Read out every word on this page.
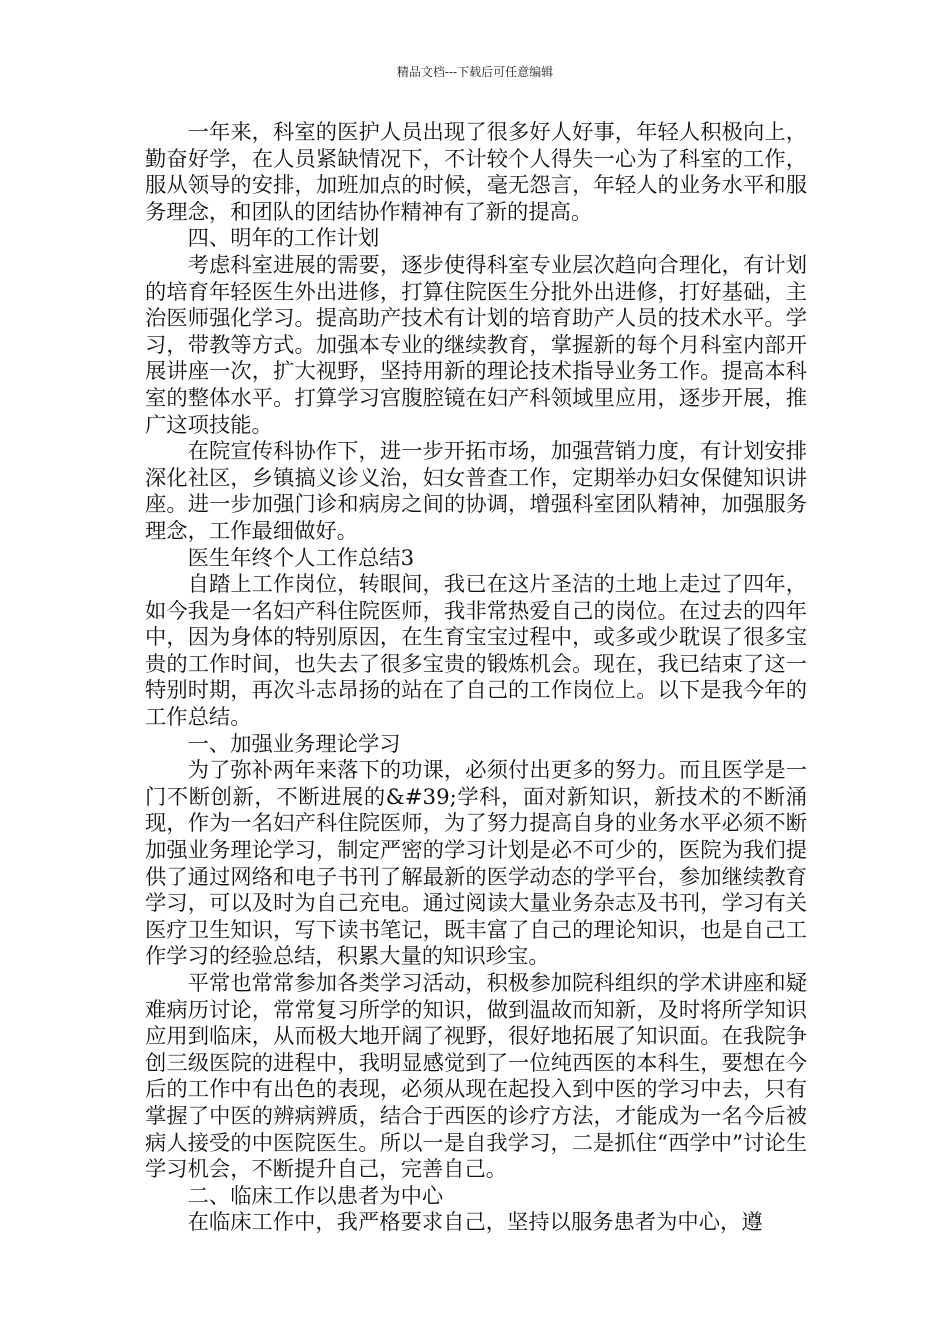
精品文档---下载后可任意编辑

一年来，科室的医护人员出现了很多好人好事，年轻人积极向上，勤奋好学，在人员紧缺情况下，不计较个人得失一心为了科室的工作，服从领导的安排，加班加点的时候，毫无怨言，年轻人的业务水平和服务理念，和团队的团结协作精神有了新的提高。

四、明年的工作计划

考虑科室进展的需要，逐步使得科室专业层次趋向合理化，有计划的培育年轻医生外出进修，打算住院医生分批外出进修，打好基础，主治医师强化学习。提高助产技术有计划的培育助产人员的技术水平。学习，带教等方式。加强本专业的继续教育，掌握新的每个月科室内部开展讲座一次，扩大视野，坚持用新的理论技术指导业务工作。提高本科室的整体水平。打算学习宫腹腔镜在妇产科领域里应用，逐步开展，推广这项技能。

在院宣传科协作下，进一步开拓市场，加强营销力度，有计划安排深化社区，乡镇搞义诊义治，妇女普查工作，定期举办妇女保健知识讲座。进一步加强门诊和病房之间的协调，增强科室团队精神，加强服务理念，工作最细做好。

医生年终个人工作总结3

自踏上工作岗位，转眼间，我已在这片圣洁的土地上走过了四年，如今我是一名妇产科住院医师，我非常热爱自己的岗位。在过去的四年中，因为身体的特别原因，在生育宝宝过程中，或多或少耽误了很多宝贵的工作时间，也失去了很多宝贵的锻炼机会。现在，我已结束了这一特别时期，再次斗志昂扬的站在了自己的工作岗位上。以下是我今年的工作总结。

一、加强业务理论学习

为了弥补两年来落下的功课，必须付出更多的努力。而且医学是一门不断创新，不断进展的&#39;学科，面对新知识，新技术的不断涌现，作为一名妇产科住院医师，为了努力提高自身的业务水平必须不断加强业务理论学习，制定严密的学习计划是必不可少的，医院为我们提供了通过网络和电子书刊了解最新的医学动态的学平台，参加继续教育学习，可以及时为自己充电。通过阅读大量业务杂志及书刊，学习有关医疗卫生知识，写下读书笔记，既丰富了自己的理论知识，也是自己工作学习的经验总结，积累大量的知识珍宝。

平常也常常参加各类学习活动，积极参加院科组织的学术讲座和疑难病历讨论，常常复习所学的知识，做到温故而知新，及时将所学知识应用到临床，从而极大地开阔了视野，很好地拓展了知识面。在我院争创三级医院的进程中，我明显感觉到了一位纯西医的本科生，要想在今后的工作中有出色的表现，必须从现在起投入到中医的学习中去，只有掌握了中医的辨病辨质，结合于西医的诊疗方法，才能成为一名今后被病人接受的中医院医生。所以一是自我学习，二是抓住“西学中”讨论生学习机会，不断提升自己，完善自己。

二、临床工作以患者为中心

在临床工作中，我严格要求自己，坚持以服务患者为中心，遵
